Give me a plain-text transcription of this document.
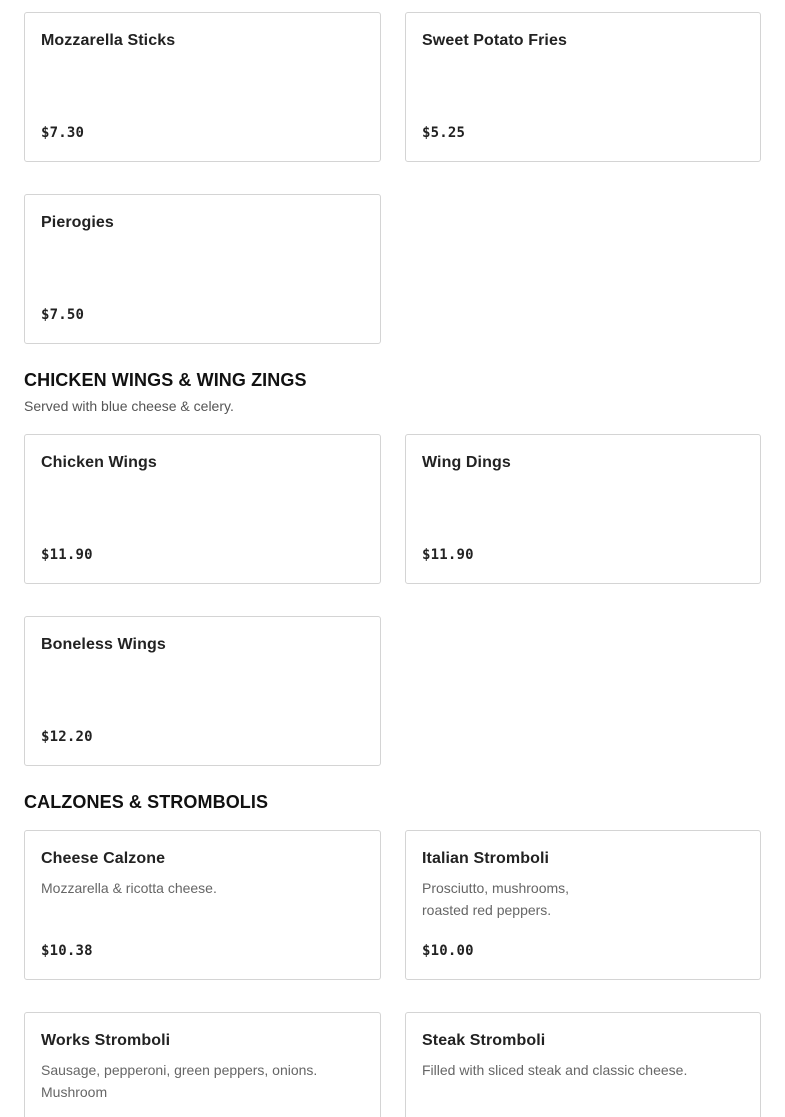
Mozzarella Sticks
$7.30
Sweet Potato Fries
$5.25
Pierogies
$7.50
CHICKEN WINGS & WING ZINGS
Served with blue cheese & celery.
Chicken Wings
$11.90
Wing Dings
$11.90
Boneless Wings
$12.20
CALZONES & STROMBOLIS
Cheese Calzone
Mozzarella & ricotta cheese.
$10.38
Italian Stromboli
Prosciutto, mushrooms, roasted red peppers.
$10.00
Works Stromboli
Sausage, pepperoni, green peppers, onions. Mushroom
Steak Stromboli
Filled with sliced steak and classic cheese.
